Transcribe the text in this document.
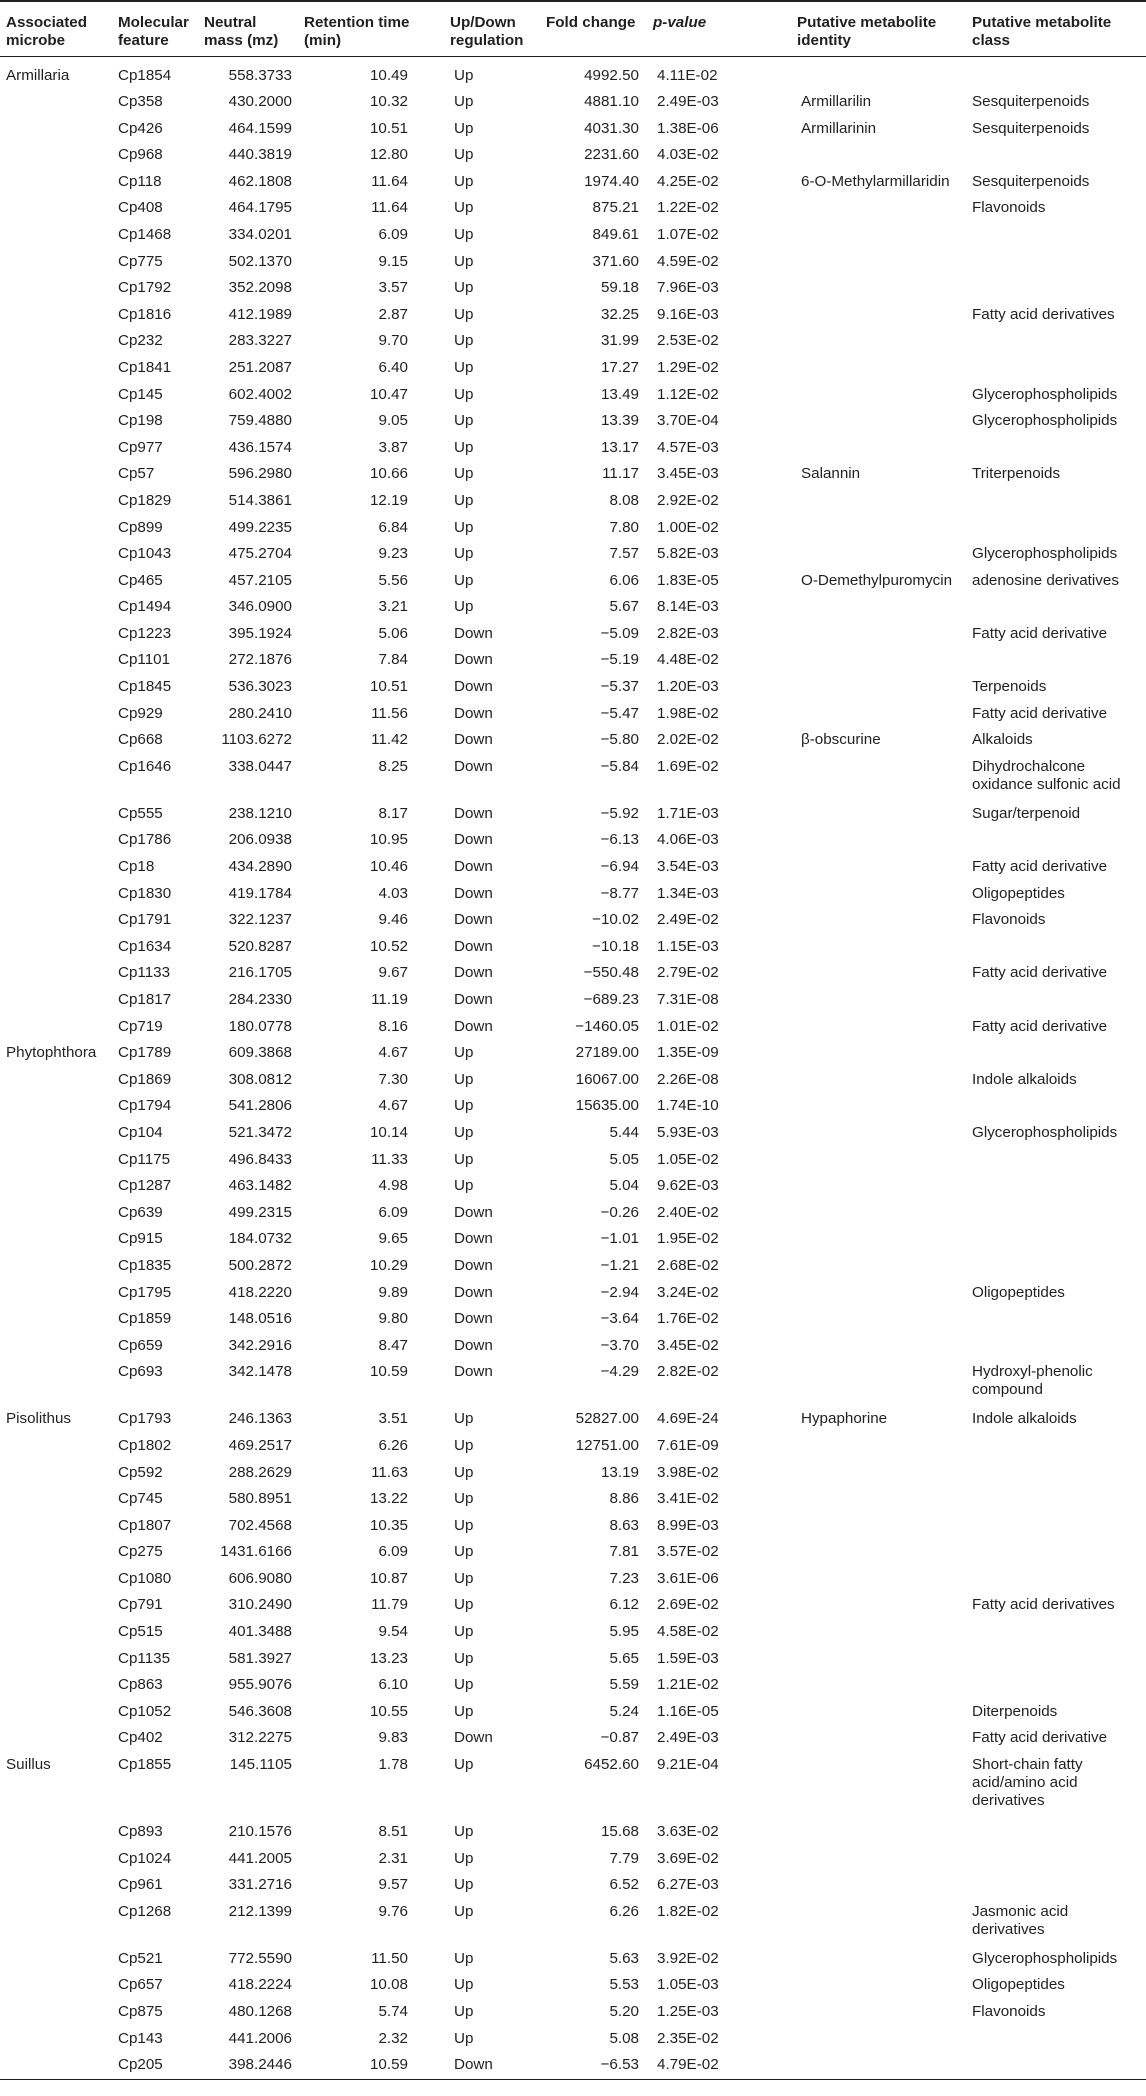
Associated microbe	Molecular feature	Neutral mass (mz)	Retention time (min)	Up/Down regulation	Fold change	p-value	Putative metabolite identity	Putative metabolite class
Armillaria	Cp1854	558.3733	10.49	Up	4992.50	4.11E-02		
	Cp358	430.2000	10.32	Up	4881.10	2.49E-03	Armillarilin	Sesquiterpenoids
	Cp426	464.1599	10.51	Up	4031.30	1.38E-06	Armillarinin	Sesquiterpenoids
	Cp968	440.3819	12.80	Up	2231.60	4.03E-02		
	Cp118	462.1808	11.64	Up	1974.40	4.25E-02	6-O-Methylarmillaridin	Sesquiterpenoids
	Cp408	464.1795	11.64	Up	875.21	1.22E-02		Flavonoids
	Cp1468	334.0201	6.09	Up	849.61	1.07E-02		
	Cp775	502.1370	9.15	Up	371.60	4.59E-02		
	Cp1792	352.2098	3.57	Up	59.18	7.96E-03		
	Cp1816	412.1989	2.87	Up	32.25	9.16E-03		Fatty acid derivatives
	Cp232	283.3227	9.70	Up	31.99	2.53E-02		
	Cp1841	251.2087	6.40	Up	17.27	1.29E-02		
	Cp145	602.4002	10.47	Up	13.49	1.12E-02		Glycerophospholipids
	Cp198	759.4880	9.05	Up	13.39	3.70E-04		Glycerophospholipids
	Cp977	436.1574	3.87	Up	13.17	4.57E-03		
	Cp57	596.2980	10.66	Up	11.17	3.45E-03	Salannin	Triterpenoids
	Cp1829	514.3861	12.19	Up	8.08	2.92E-02		
	Cp899	499.2235	6.84	Up	7.80	1.00E-02		
	Cp1043	475.2704	9.23	Up	7.57	5.82E-03		Glycerophospholipids
	Cp465	457.2105	5.56	Up	6.06	1.83E-05	O-Demethylpuromycin	adenosine derivatives
	Cp1494	346.0900	3.21	Up	5.67	8.14E-03		
	Cp1223	395.1924	5.06	Down	−5.09	2.82E-03		Fatty acid derivative
	Cp1101	272.1876	7.84	Down	−5.19	4.48E-02		
	Cp1845	536.3023	10.51	Down	−5.37	1.20E-03		Terpenoids
	Cp929	280.2410	11.56	Down	−5.47	1.98E-02		Fatty acid derivative
	Cp668	1103.6272	11.42	Down	−5.80	2.02E-02	β-obscurine	Alkaloids
	Cp1646	338.0447	8.25	Down	−5.84	1.69E-02		Dihydrochalcone oxidance sulfonic acid
	Cp555	238.1210	8.17	Down	−5.92	1.71E-03		Sugar/terpenoid
	Cp1786	206.0938	10.95	Down	−6.13	4.06E-03		
	Cp18	434.2890	10.46	Down	−6.94	3.54E-03		Fatty acid derivative
	Cp1830	419.1784	4.03	Down	−8.77	1.34E-03		Oligopeptides
	Cp1791	322.1237	9.46	Down	−10.02	2.49E-02		Flavonoids
	Cp1634	520.8287	10.52	Down	−10.18	1.15E-03		
	Cp1133	216.1705	9.67	Down	−550.48	2.79E-02		Fatty acid derivative
	Cp1817	284.2330	11.19	Down	−689.23	7.31E-08		
	Cp719	180.0778	8.16	Down	−1460.05	1.01E-02		Fatty acid derivative
Phytophthora	Cp1789	609.3868	4.67	Up	27189.00	1.35E-09		
	Cp1869	308.0812	7.30	Up	16067.00	2.26E-08		Indole alkaloids
	Cp1794	541.2806	4.67	Up	15635.00	1.74E-10		
	Cp104	521.3472	10.14	Up	5.44	5.93E-03		Glycerophospholipids
	Cp1175	496.8433	11.33	Up	5.05	1.05E-02		
	Cp1287	463.1482	4.98	Up	5.04	9.62E-03		
	Cp639	499.2315	6.09	Down	−0.26	2.40E-02		
	Cp915	184.0732	9.65	Down	−1.01	1.95E-02		
	Cp1835	500.2872	10.29	Down	−1.21	2.68E-02		
	Cp1795	418.2220	9.89	Down	−2.94	3.24E-02		Oligopeptides
	Cp1859	148.0516	9.80	Down	−3.64	1.76E-02		
	Cp659	342.2916	8.47	Down	−3.70	3.45E-02		
	Cp693	342.1478	10.59	Down	−4.29	2.82E-02		Hydroxyl-phenolic compound
Pisolithus	Cp1793	246.1363	3.51	Up	52827.00	4.69E-24	Hypaphorine	Indole alkaloids
	Cp1802	469.2517	6.26	Up	12751.00	7.61E-09		
	Cp592	288.2629	11.63	Up	13.19	3.98E-02		
	Cp745	580.8951	13.22	Up	8.86	3.41E-02		
	Cp1807	702.4568	10.35	Up	8.63	8.99E-03		
	Cp275	1431.6166	6.09	Up	7.81	3.57E-02		
	Cp1080	606.9080	10.87	Up	7.23	3.61E-06		
	Cp791	310.2490	11.79	Up	6.12	2.69E-02		Fatty acid derivatives
	Cp515	401.3488	9.54	Up	5.95	4.58E-02		
	Cp1135	581.3927	13.23	Up	5.65	1.59E-03		
	Cp863	955.9076	6.10	Up	5.59	1.21E-02		
	Cp1052	546.3608	10.55	Up	5.24	1.16E-05		Diterpenoids
	Cp402	312.2275	9.83	Down	−0.87	2.49E-03		Fatty acid derivative
Suillus	Cp1855	145.1105	1.78	Up	6452.60	9.21E-04		Short-chain fatty acid/amino acid derivatives
	Cp893	210.1576	8.51	Up	15.68	3.63E-02		
	Cp1024	441.2005	2.31	Up	7.79	3.69E-02		
	Cp961	331.2716	9.57	Up	6.52	6.27E-03		
	Cp1268	212.1399	9.76	Up	6.26	1.82E-02		Jasmonic acid derivatives
	Cp521	772.5590	11.50	Up	5.63	3.92E-02		Glycerophospholipids
	Cp657	418.2224	10.08	Up	5.53	1.05E-03		Oligopeptides
	Cp875	480.1268	5.74	Up	5.20	1.25E-03		Flavonoids
	Cp143	441.2006	2.32	Up	5.08	2.35E-02		
	Cp205	398.2446	10.59	Down	−6.53	4.79E-02		
